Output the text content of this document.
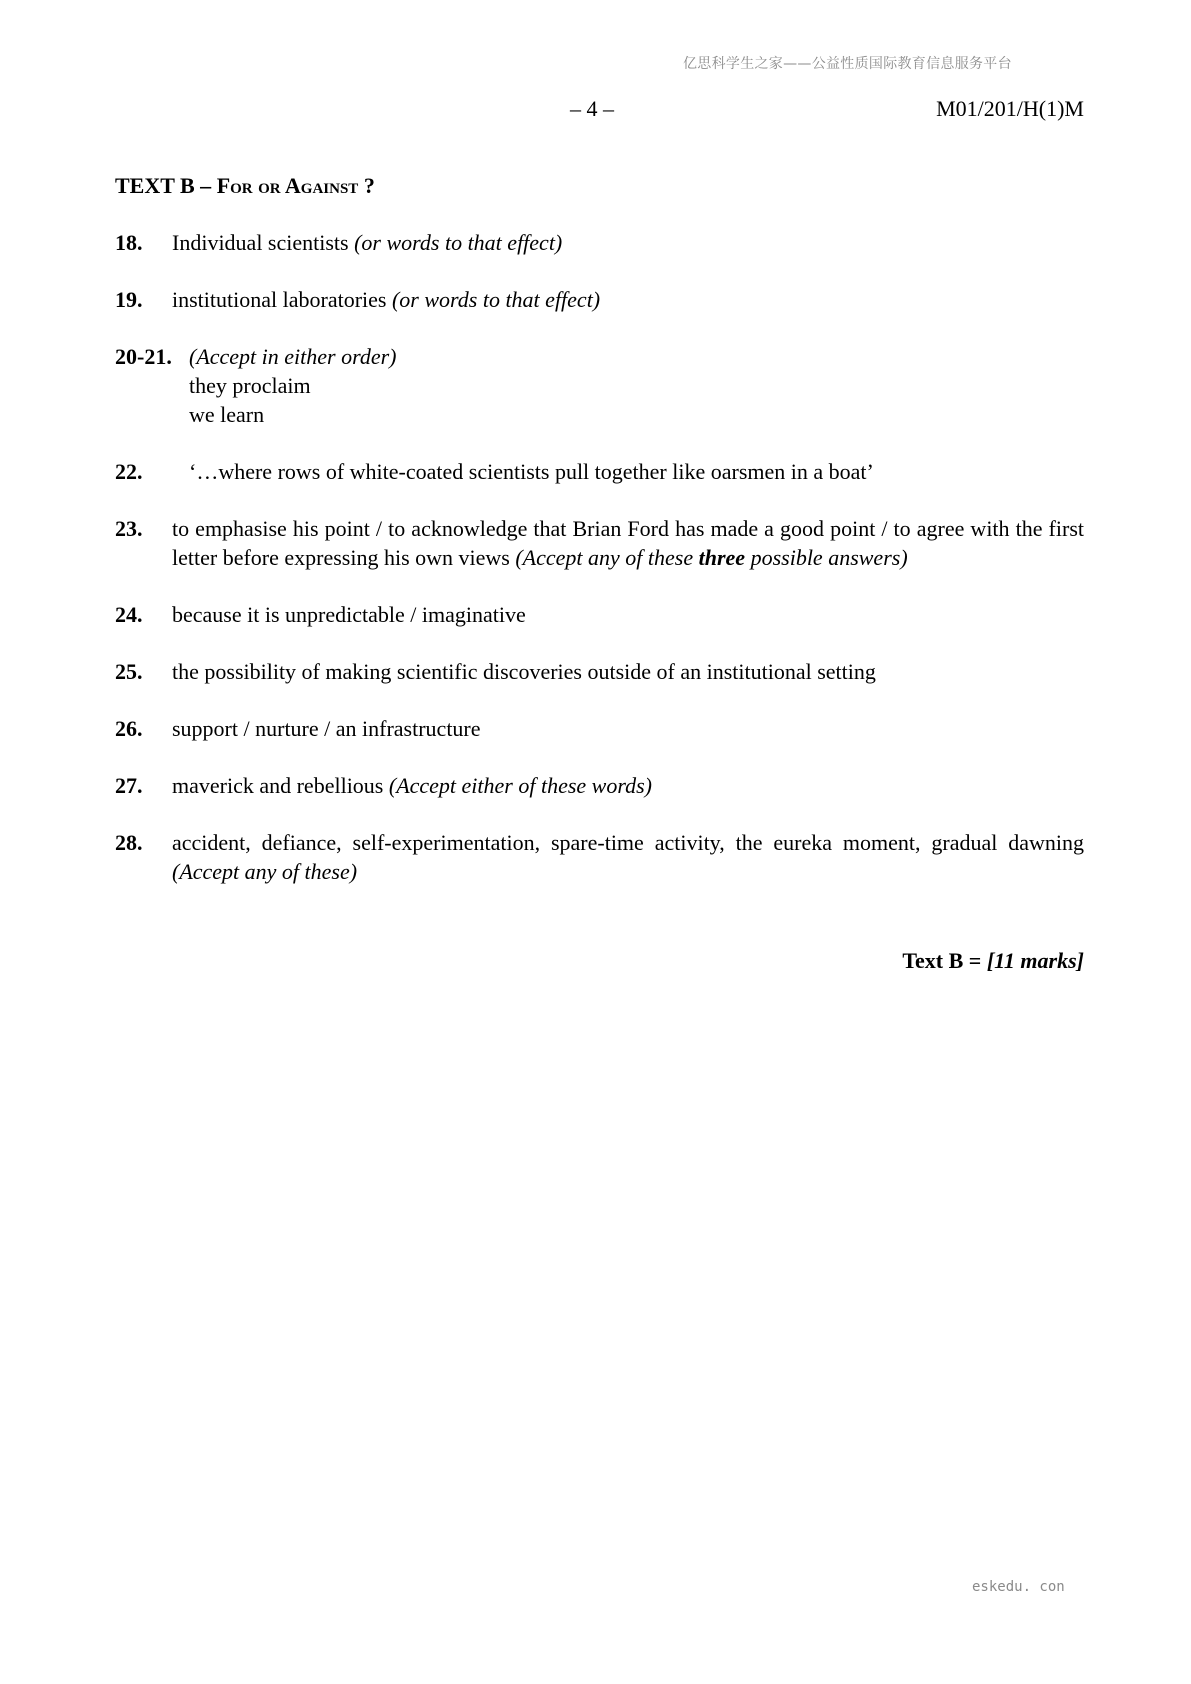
亿思科学生之家——公益性质国际教育信息服务平台
– 4 –	M01/201/H(1)M
TEXT B – For or Against ?
18. Individual scientists (or words to that effect)
19. institutional laboratories (or words to that effect)
20-21. (Accept in either order)
they proclaim
we learn
22. ‘…where rows of white-coated scientists pull together like oarsmen in a boat’
23. to emphasise his point / to acknowledge that Brian Ford has made a good point / to agree with the first letter before expressing his own views (Accept any of these three possible answers)
24. because it is unpredictable / imaginative
25. the possibility of making scientific discoveries outside of an institutional setting
26. support / nurture / an infrastructure
27. maverick and rebellious (Accept either of these words)
28. accident, defiance, self-experimentation, spare-time activity, the eureka moment, gradual dawning (Accept any of these)
Text B = [11 marks]
eskedu. con
